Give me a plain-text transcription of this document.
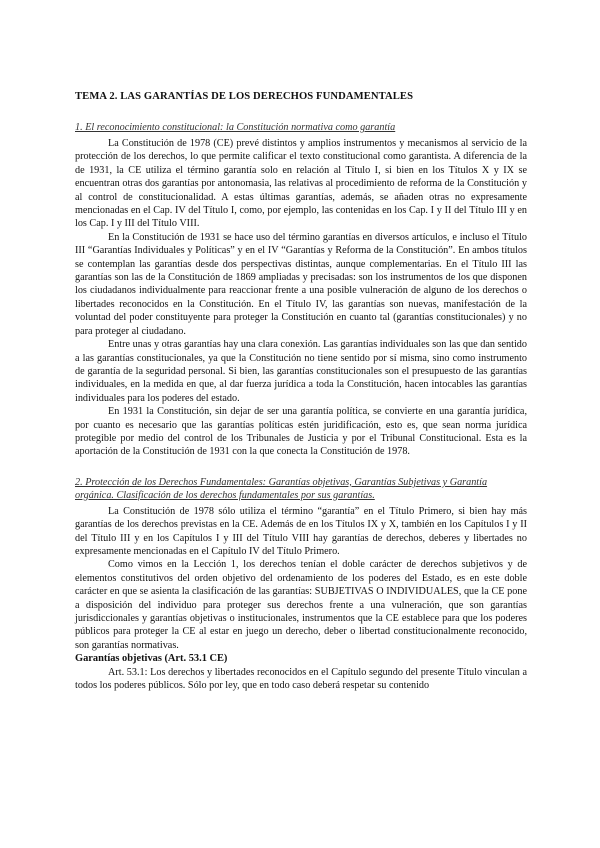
TEMA 2. LAS GARANTÍAS DE LOS DERECHOS FUNDAMENTALES

1. El reconocimiento constitucional: la Constitución normativa como garantía

La Constitución de 1978 (CE) prevé distintos y amplios instrumentos y mecanismos al servicio de la protección de los derechos, lo que permite calificar el texto constitucional como garantista. A diferencia de la de 1931, la CE utiliza el término garantía solo en relación al Título I, si bien en los Títulos X y IX se encuentran otras dos garantías por antonomasia, las relativas al procedimiento de reforma de la Constitución y al control de constitucionalidad. A estas últimas garantías, además, se añaden otras no expresamente mencionadas en el Cap. IV del Título I, como, por ejemplo, las contenidas en los Cap. I y II del Título III y en los Cap. I y III del Título VIII.

En la Constitución de 1931 se hace uso del término garantías en diversos artículos, e incluso el Título III “Garantías Individuales y Políticas” y en el IV “Garantías y Reforma de la Constitución”. En ambos títulos se contemplan las garantías desde dos perspectivas distintas, aunque complementarias. En el Título III las garantías son las de la Constitución de 1869 ampliadas y precisadas: son los instrumentos de los que disponen los ciudadanos individualmente para reaccionar frente a una posible vulneración de alguno de los derechos o libertades reconocidos en la Constitución. En el Título IV, las garantías son nuevas, manifestación de la voluntad del poder constituyente para proteger la Constitución en cuanto tal (garantías constitucionales) y no para proteger al ciudadano.

Entre unas y otras garantías hay una clara conexión. Las garantías individuales son las que dan sentido a las garantías constitucionales, ya que la Constitución no tiene sentido por sí misma, sino como instrumento de garantía de la seguridad personal. Si bien, las garantías constitucionales son el presupuesto de las garantías individuales, en la medida en que, al dar fuerza jurídica a toda la Constitución, hacen intocables las garantías individuales para los poderes del estado.

En 1931 la Constitución, sin dejar de ser una garantía política, se convierte en una garantía jurídica, por cuanto es necesario que las garantías políticas estén juridificación, esto es, que sean norma jurídica protegible por medio del control de los Tribunales de Justicia y por el Tribunal Constitucional. Esta es la aportación de la Constitución de 1931 con la que conecta la Constitución de 1978.

2. Protección de los Derechos Fundamentales: Garantías objetivas, Garantías Subjetivas y Garantía orgánica. Clasificación de los derechos fundamentales por sus garantías.

La Constitución de 1978 sólo utiliza el término “garantía” en el Título Primero, si bien hay más garantías de los derechos previstas en la CE. Además de en los Títulos IX y X, también en los Capítulos I y II del Título III y en los Capítulos I y III del Título VIII hay garantías de derechos, deberes y libertades no expresamente mencionadas en el Capítulo IV del Título Primero.

Como vimos en la Lección 1, los derechos tenían el doble carácter de derechos subjetivos y de elementos constitutivos del orden objetivo del ordenamiento de los poderes del Estado, es en este doble carácter en que se asienta la clasificación de las garantías: SUBJETIVAS O INDIVIDUALES, que la CE pone a disposición del individuo para proteger sus derechos frente a una vulneración, que son garantías jurisdiccionales y garantías objetivas o institucionales, instrumentos que la CE establece para que los poderes públicos para proteger la CE al estar en juego un derecho, deber o libertad constitucionalmente reconocido, son garantías normativas.

Garantías objetivas (Art. 53.1 CE)

Art. 53.1: Los derechos y libertades reconocidos en el Capítulo segundo del presente Título vinculan a todos los poderes públicos. Sólo por ley, que en todo caso deberá respetar su contenido
